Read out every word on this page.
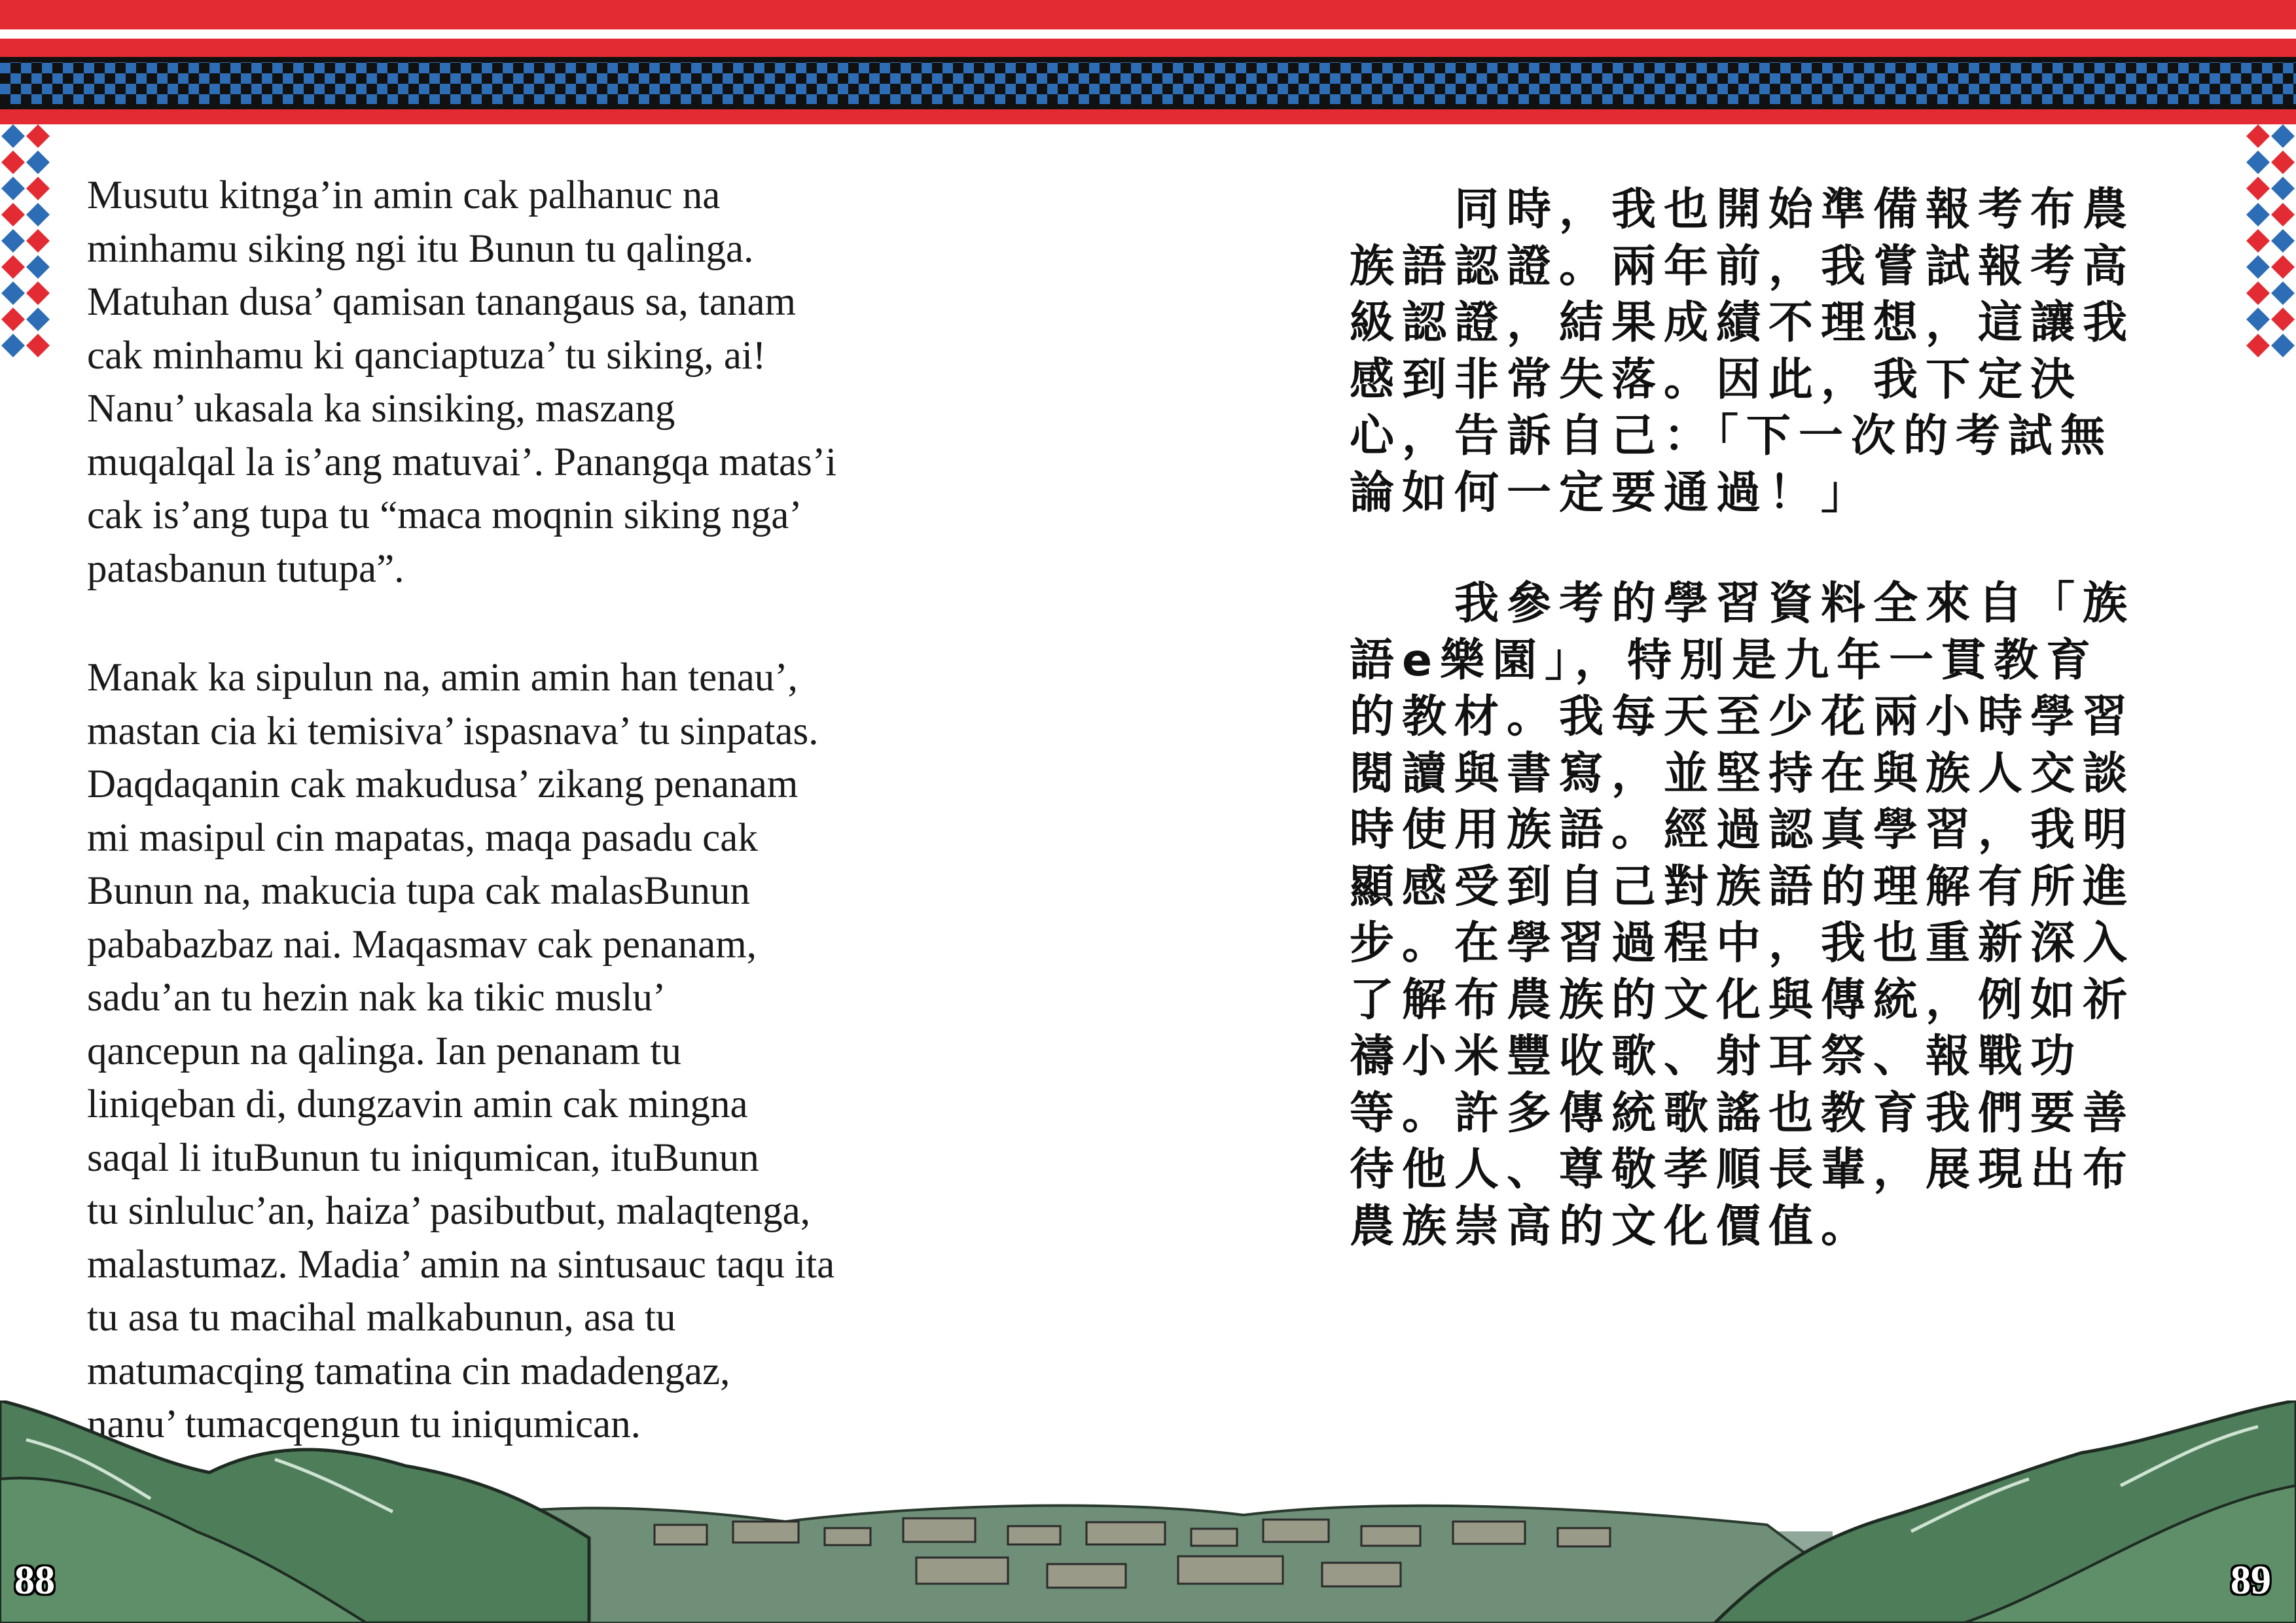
Musutu kitnga’in amin cak palhanuc na
minhamu siking ngi itu Bunun tu qalinga.
Matuhan dusa’ qamisan tanangaus sa, tanam
cak minhamu ki qanciaptuza’ tu siking, ai!
Nanu’ ukasala ka sinsiking, maszang
muqalqal la is’ang matuvai’. Panangqa matas’i
cak is’ang tupa tu “maca moqnin siking nga’
patasbanun tutupa”.

Manak ka sipulun na, amin amin han tenau’,
mastan cia ki temisiva’ ispasnava’ tu sinpatas.
Daqdaqanin cak makudusa’ zikang penanam
mi masipul cin mapatas, maqa pasadu cak
Bunun na, makucia tupa cak malasBunun
pababazbaz nai. Maqasmav cak penanam,
sadu’an tu hezin nak ka tikic muslu’
qancepun na qalinga. Ian penanam tu
liniqeban di, dungzavin amin cak mingna
saqal li ituBunun tu iniqumican, ituBunun
tu sinluluc’an, haiza’ pasibutbut, malaqtenga,
malastumaz. Madia’ amin na sintusauc taqu ita
tu asa tu macihal malkabunun, asa tu
matumacqing tamatina cin madadengaz,
nanu’ tumacqengun tu iniqumican.

　　同時，我也開始準備報考布農
族語認證。兩年前，我嘗試報考高
級認證，結果成績不理想，這讓我
感到非常失落。因此，我下定決
心，告訴自己：「下一次的考試無
論如何一定要通過！」

　　我參考的學習資料全來自「族
語e樂園」，特別是九年一貫教育
的教材。我每天至少花兩小時學習
閱讀與書寫，並堅持在與族人交談
時使用族語。經過認真學習，我明
顯感受到自己對族語的理解有所進
步。在學習過程中，我也重新深入
了解布農族的文化與傳統，例如祈
禱小米豐收歌、射耳祭、報戰功
等。許多傳統歌謠也教育我們要善
待他人、尊敬孝順長輩，展現出布
農族崇高的文化價值。

88	89
